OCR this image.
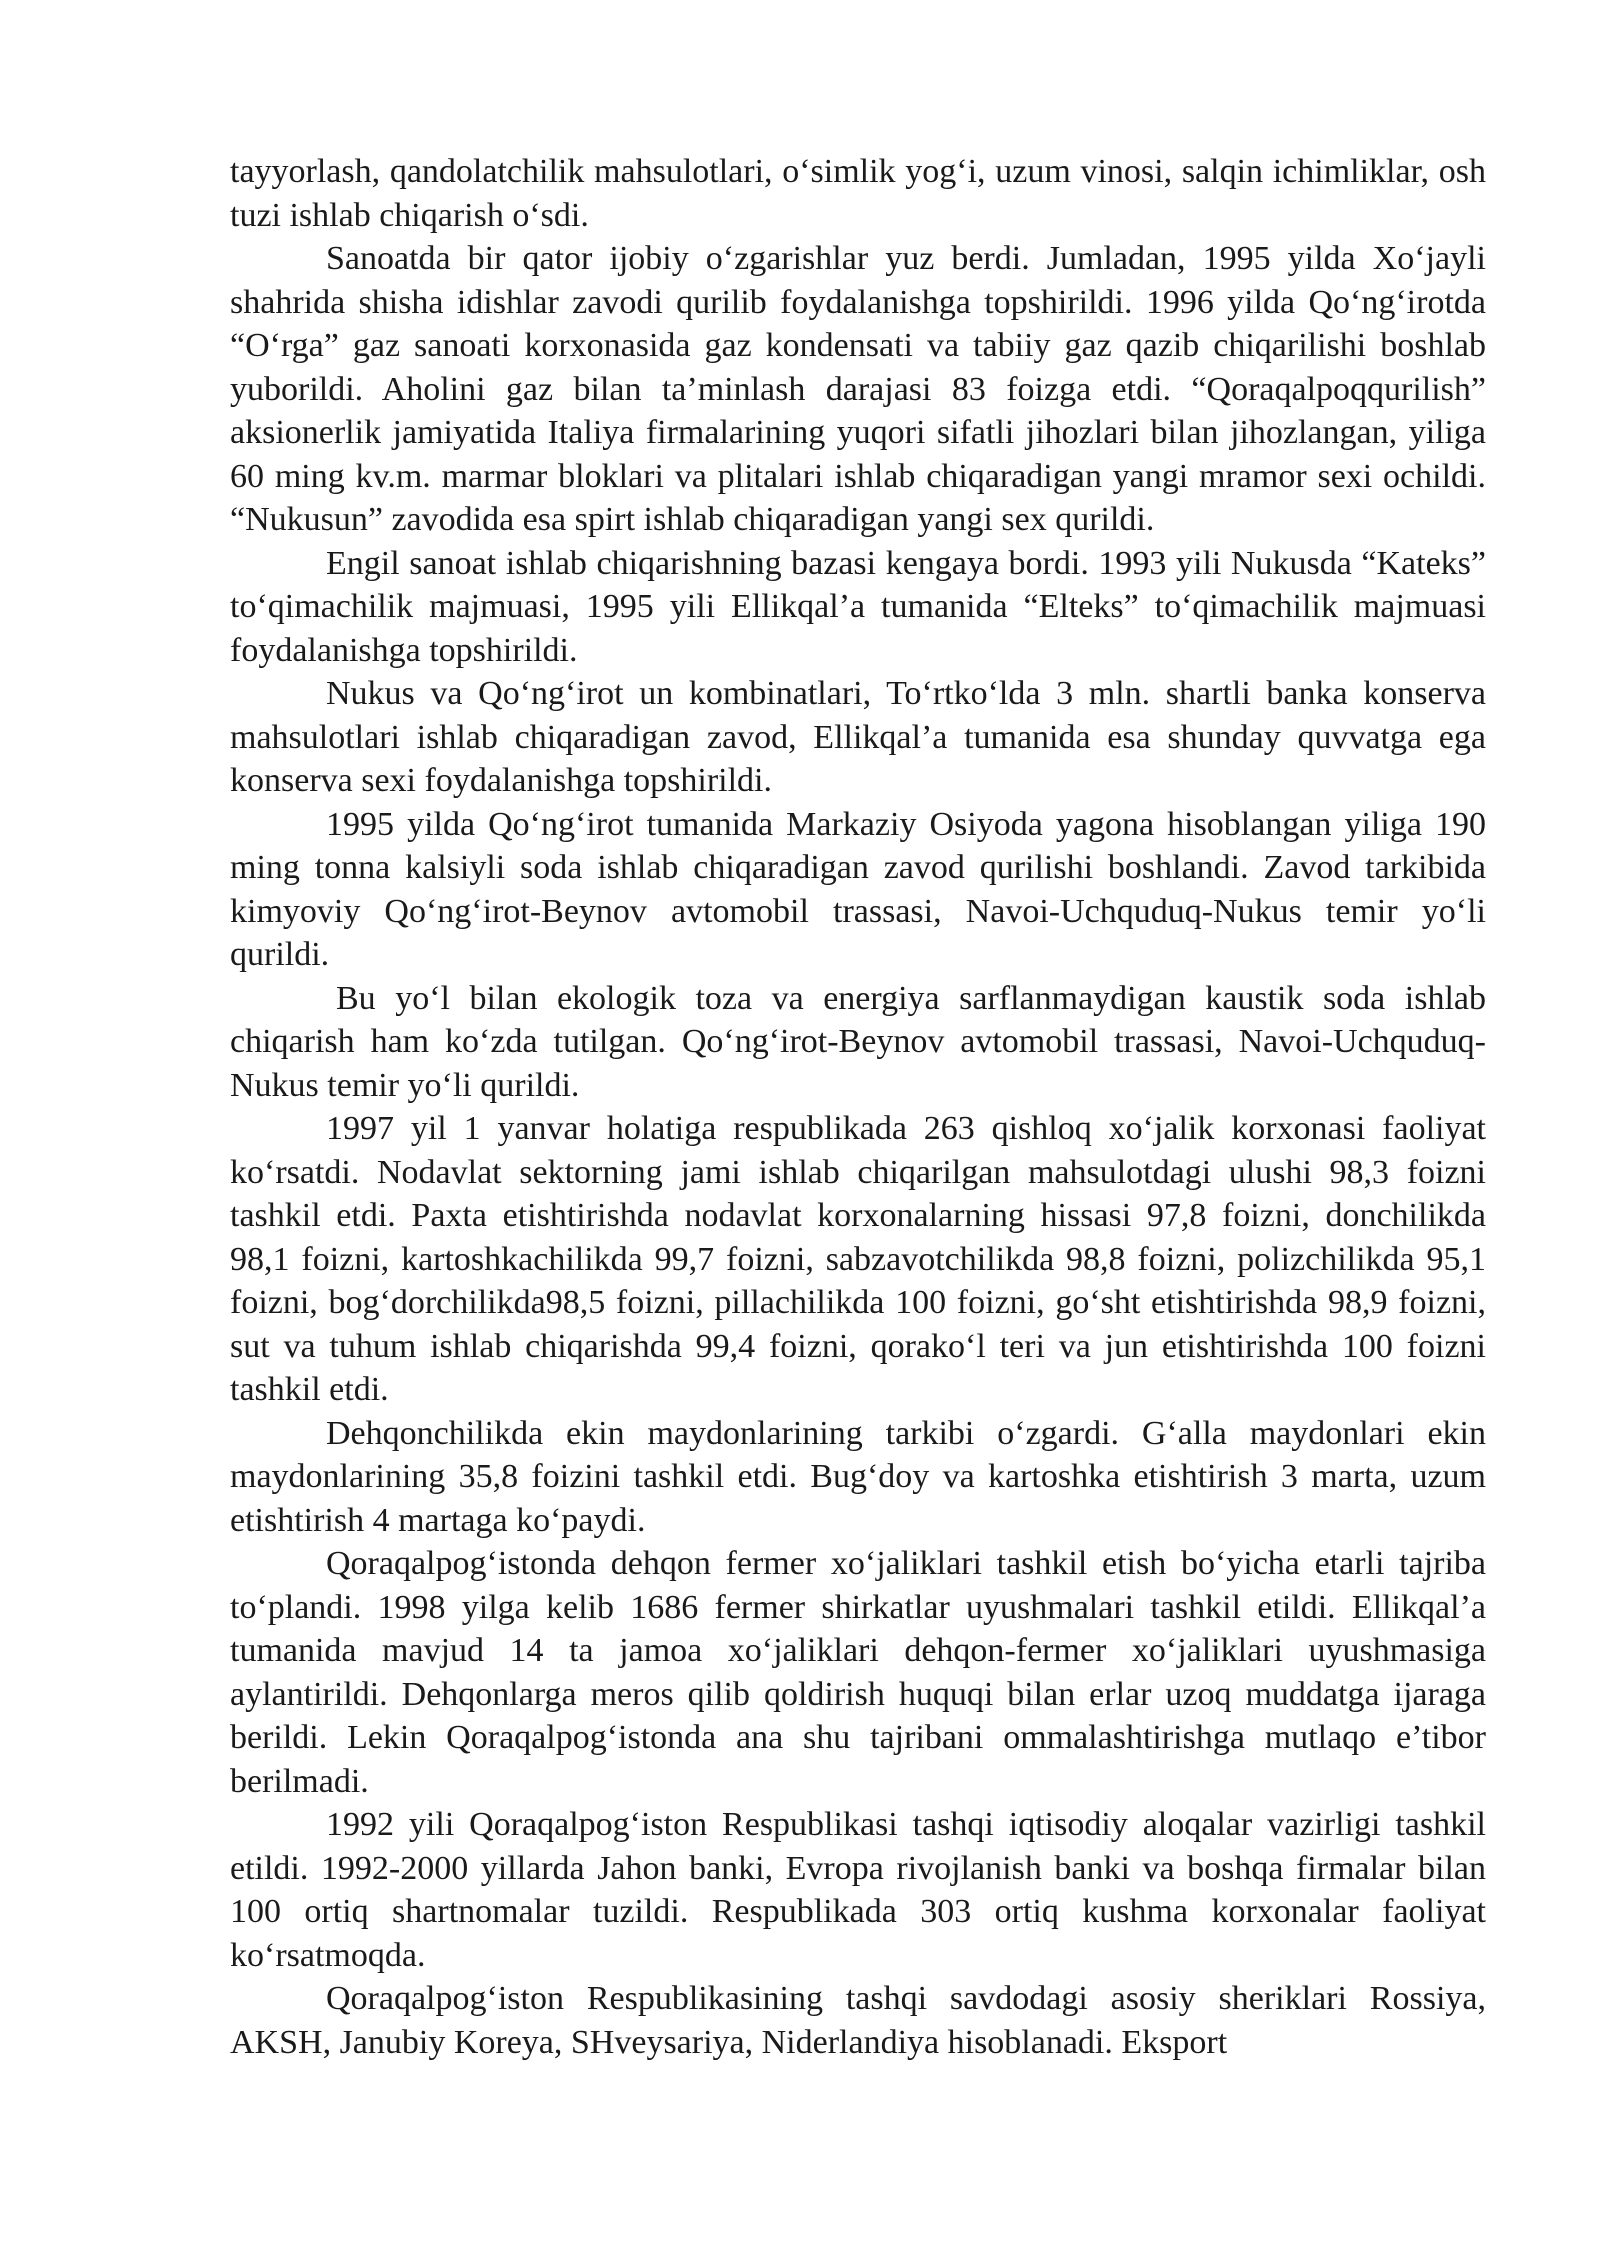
tayyorlash, qandolatchilik mahsulotlari, o‘simlik yog‘i, uzum vinosi, salqin ichimliklar, osh tuzi ishlab chiqarish o‘sdi.

Sanoatda bir qator ijobiy o‘zgarishlar yuz berdi. Jumladan, 1995 yilda Xo‘jayli shahrida shisha idishlar zavodi qurilib foydalanishga topshirildi. 1996 yilda Qo‘ng‘irotda “O‘rga” gaz sanoati korxonasida gaz kondensati va tabiiy gaz qazib chiqarilishi boshlab yuborildi. Aholini gaz bilan ta’minlash darajasi 83 foizga etdi. “Qoraqalpoqqurilish” aksionerlik jamiyatida Italiya firmalarining yuqori sifatli jihozlari bilan jihozlangan, yiliga 60 ming kv.m. marmar bloklari va plitalari ishlab chiqaradigan yangi mramor sexi ochildi. “Nukusun” zavodida esa spirt ishlab chiqaradigan yangi sex qurildi.

Engil sanoat ishlab chiqarishning bazasi kengaya bordi. 1993 yili Nukusda “Kateks” to‘qimachilik majmuasi, 1995 yili Ellikqal’a tumanida “Elteks” to‘qimachilik majmuasi foydalanishga topshirildi.

Nukus va Qo‘ng‘irot un kombinatlari, To‘rtko‘lda 3 mln. shartli banka konserva mahsulotlari ishlab chiqaradigan zavod, Ellikqal’a tumanida esa shunday quvvatga ega konserva sexi foydalanishga topshirildi.

1995 yilda Qo‘ng‘irot tumanida Markaziy Osiyoda yagona hisoblangan yiliga 190 ming tonna kalsiyli soda ishlab chiqaradigan zavod qurilishi boshlandi. Zavod tarkibida kimyoviy Qo‘ng‘irot-Beynov avtomobil trassasi, Navoi-Uchquduq-Nukus temir yo‘li qurildi.

Bu yo‘l bilan ekologik toza va energiya sarflanmaydigan kaustik soda ishlab chiqarish ham ko‘zda tutilgan. Qo‘ng‘irot-Beynov avtomobil trassasi, Navoi-Uchquduq-Nukus temir yo‘li qurildi.

1997 yil 1 yanvar holatiga respublikada 263 qishloq xo‘jalik korxonasi faoliyat ko‘rsatdi. Nodavlat sektorning jami ishlab chiqarilgan mahsulotdagi ulushi 98,3 foizni tashkil etdi. Paxta etishtirishda nodavlat korxonalarning hissasi 97,8 foizni, donchilikda 98,1 foizni, kartoshkachilikda 99,7 foizni, sabzavotchilikda 98,8 foizni, polizchilikda 95,1 foizni, bog‘dorchilikda98,5 foizni, pillachilikda 100 foizni, go‘sht etishtirishda 98,9 foizni, sut va tuhum ishlab chiqarishda 99,4 foizni, qorako‘l teri va jun etishtirishda 100 foizni tashkil etdi.

Dehqonchilikda ekin maydonlarining tarkibi o‘zgardi. G‘alla maydonlari ekin maydonlarining 35,8 foizini tashkil etdi. Bug‘doy va kartoshka etishtirish 3 marta, uzum etishtirish 4 martaga ko‘paydi.

Qoraqalpog‘istonda dehqon fermer xo‘jaliklari tashkil etish bo‘yicha etarli tajriba to‘plandi. 1998 yilga kelib 1686 fermer shirkatlar uyushmalari tashkil etildi. Ellikqal’a tumanida mavjud 14 ta jamoa xo‘jaliklari dehqon-fermer xo‘jaliklari uyushmasiga aylantirildi. Dehqonlarga meros qilib qoldirish huquqi bilan erlar uzoq muddatga ijaraga berildi. Lekin Qoraqalpog‘istonda ana shu tajribani ommalashtirishga mutlaqo e’tibor berilmadi.

1992 yili Qoraqalpog‘iston Respublikasi tashqi iqtisodiy aloqalar vazirligi tashkil etildi. 1992-2000 yillarda Jahon banki, Evropa rivojlanish banki va boshqa firmalar bilan 100 ortiq shartnomalar tuzildi. Respublikada 303 ortiq kushma korxonalar faoliyat ko‘rsatmoqda.

Qoraqalpog‘iston Respublikasining tashqi savdodagi asosiy sheriklari Rossiya, AKSH, Janubiy Koreya, SHveysariya, Niderlandiya hisoblanadi. Eksport
